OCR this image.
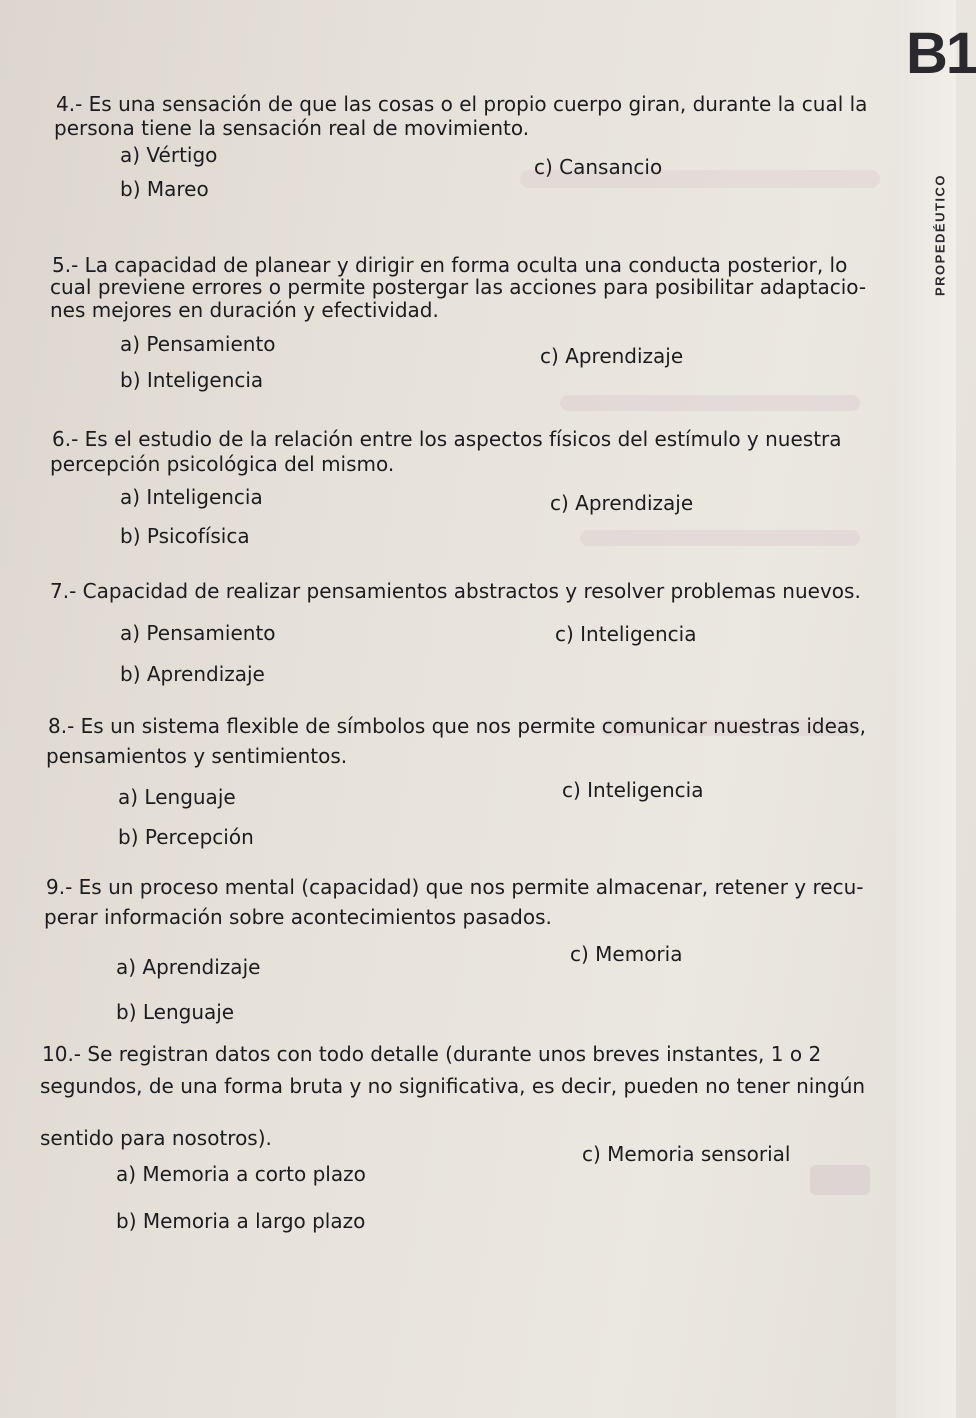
B1
PROPEDÉUTICO
4.- Es una sensación de que las cosas o el propio cuerpo giran, durante la cual la
persona tiene la sensación real de movimiento.
a) Vértigo	c) Cansancio
b) Mareo
5.- La capacidad de planear y dirigir en forma oculta una conducta posterior, lo
cual previene errores o permite postergar las acciones para posibilitar adaptacio-
nes mejores en duración y efectividad.
a) Pensamiento	c) Aprendizaje
b) Inteligencia
6.- Es el estudio de la relación entre los aspectos físicos del estímulo y nuestra
percepción psicológica del mismo.
a) Inteligencia	c) Aprendizaje
b) Psicofísica
7.- Capacidad de realizar pensamientos abstractos y resolver problemas nuevos.
a) Pensamiento	c) Inteligencia
b) Aprendizaje
8.- Es un sistema flexible de símbolos que nos permite comunicar nuestras ideas,
pensamientos y sentimientos.
a) Lenguaje	c) Inteligencia
b) Percepción
9.- Es un proceso mental (capacidad) que nos permite almacenar, retener y recu-
perar información sobre acontecimientos pasados.
a) Aprendizaje
c) Memoria
b) Lenguaje
10.- Se registran datos con todo detalle (durante unos breves instantes, 1 o 2
segundos, de una forma bruta y no significativa, es decir, pueden no tener ningún
sentido para nosotros).
a) Memoria a corto plazo
c) Memoria sensorial
b) Memoria a largo plazo
